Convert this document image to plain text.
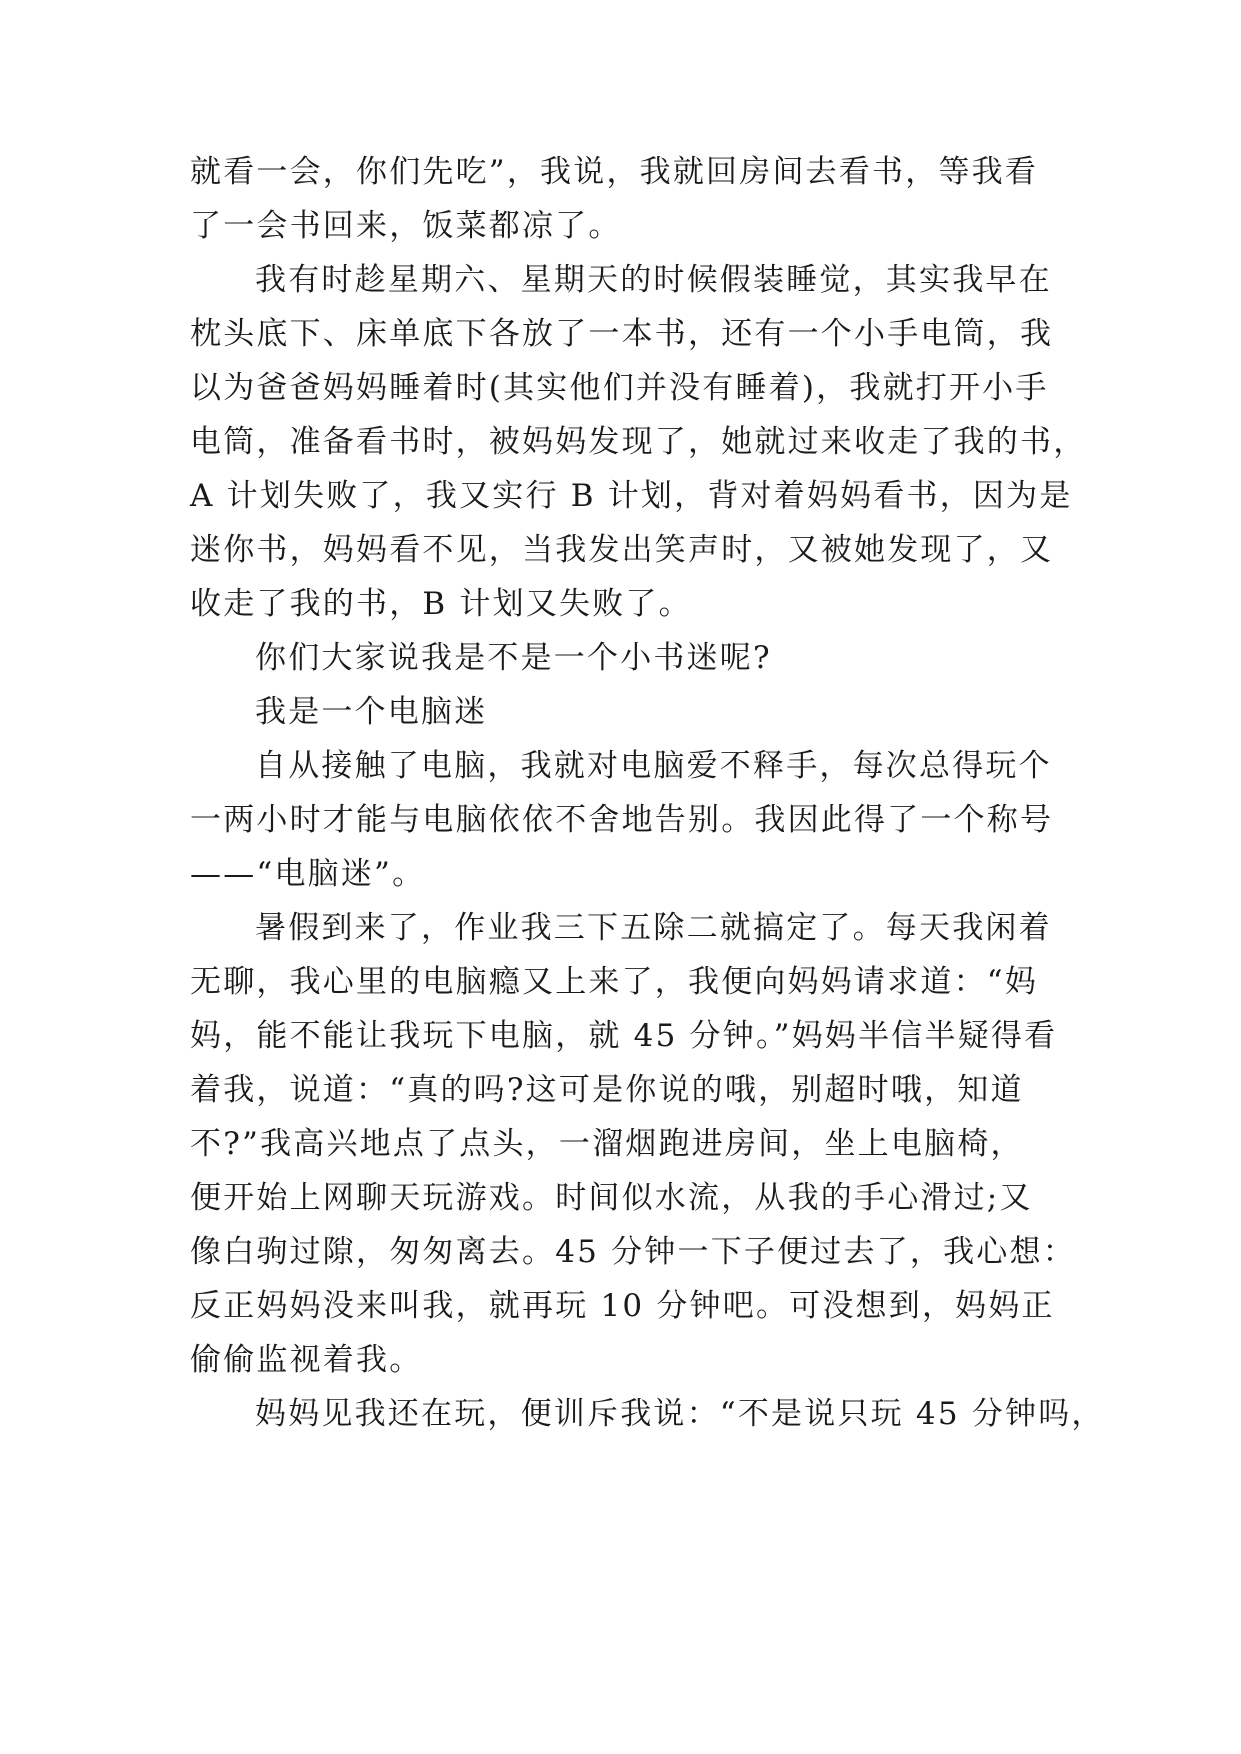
就看一会，你们先吃”，我说，我就回房间去看书，等我看
了一会书回来，饭菜都凉了。
我有时趁星期六、星期天的时候假装睡觉，其实我早在
枕头底下、床单底下各放了一本书，还有一个小手电筒，我
以为爸爸妈妈睡着时(其实他们并没有睡着)，我就打开小手
电筒，准备看书时，被妈妈发现了，她就过来收走了我的书，
A 计划失败了，我又实行 B 计划，背对着妈妈看书，因为是
迷你书，妈妈看不见，当我发出笑声时，又被她发现了，又
收走了我的书，B 计划又失败了。
你们大家说我是不是一个小书迷呢?
我是一个电脑迷
自从接触了电脑，我就对电脑爱不释手，每次总得玩个
一两小时才能与电脑依依不舍地告别。我因此得了一个称号
——“电脑迷”。
暑假到来了，作业我三下五除二就搞定了。每天我闲着
无聊，我心里的电脑瘾又上来了，我便向妈妈请求道：“妈
妈，能不能让我玩下电脑，就 45 分钟。”妈妈半信半疑得看
着我，说道：“真的吗?这可是你说的哦，别超时哦，知道
不?”我高兴地点了点头，一溜烟跑进房间，坐上电脑椅，
便开始上网聊天玩游戏。时间似水流，从我的手心滑过;又
像白驹过隙，匆匆离去。45 分钟一下子便过去了，我心想：
反正妈妈没来叫我，就再玩 10 分钟吧。可没想到，妈妈正
偷偷监视着我。
妈妈见我还在玩，便训斥我说：“不是说只玩 45 分钟吗，
